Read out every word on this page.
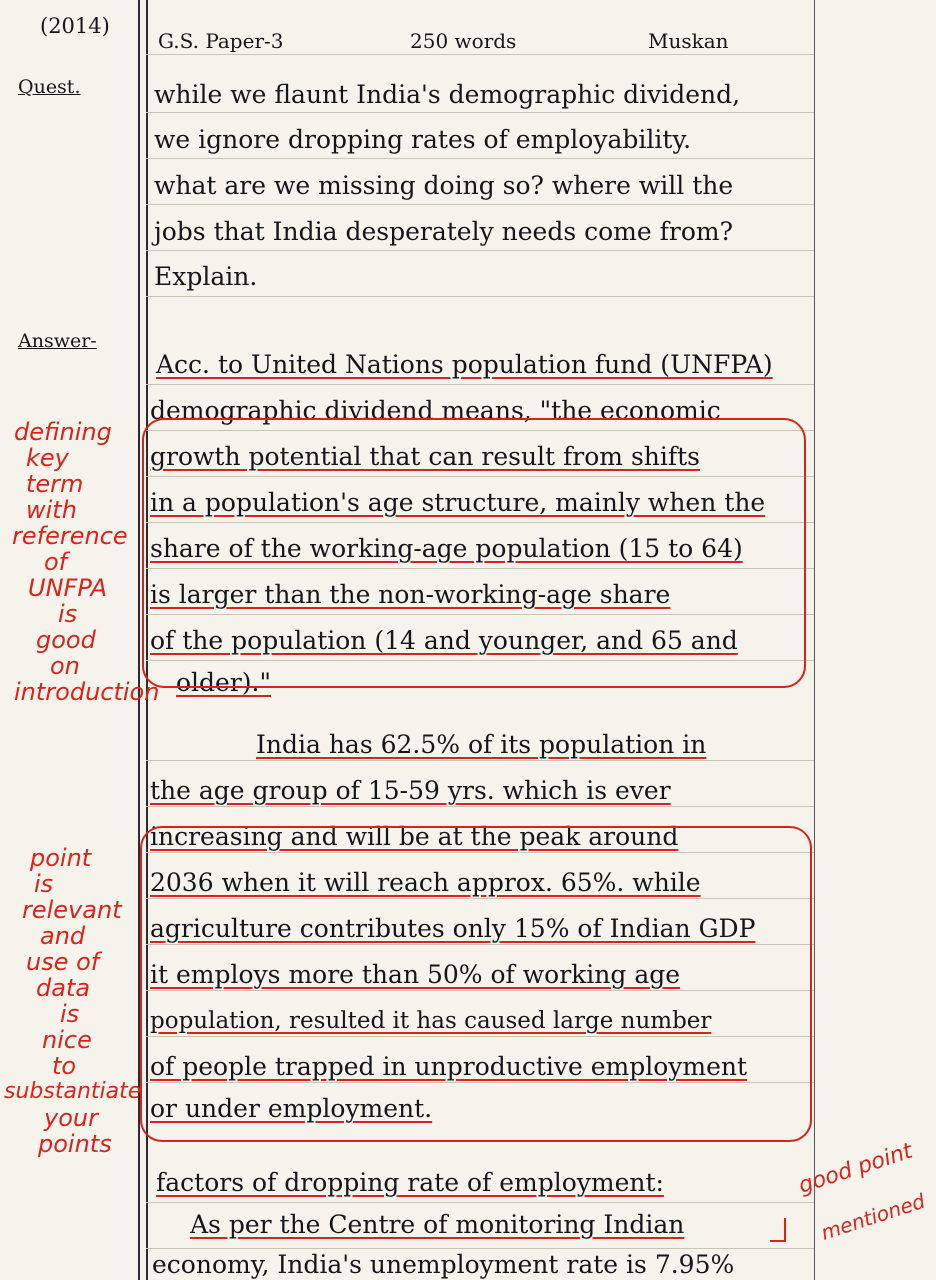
(2014)
G.S. Paper-3	250 words	Muskan
Quest.
Answer-
while we flaunt India's demographic dividend,
we ignore dropping rates of employability.
what are we missing doing so? where will the
jobs that India desperately needs come from?
Explain.
Acc. to United Nations population fund (UNFPA)
demographic dividend means, "the economic
growth potential that can result from shifts
in a population's age structure, mainly when the
share of the working-age population (15 to 64)
is larger than the non-working-age share
of the population (14 and younger, and 65 and
older)."
India has 62.5% of its population in
the age group of 15-59 yrs. which is ever
increasing and will be at the peak around
2036 when it will reach approx. 65%. while
agriculture contributes only 15% of Indian GDP
it employs more than 50% of working age
population, resulted it has caused large number
of people trapped in unproductive employment
or under employment.
factors of dropping rate of employment:
As per the Centre of monitoring Indian
economy, India's unemployment rate is 7.95%
defining
key
term
with
reference
of
UNFPA
is
good
on
introduction
point
is
relevant
and
use of
data
is
nice
to
substantiate
your
points	good point
mentioned
